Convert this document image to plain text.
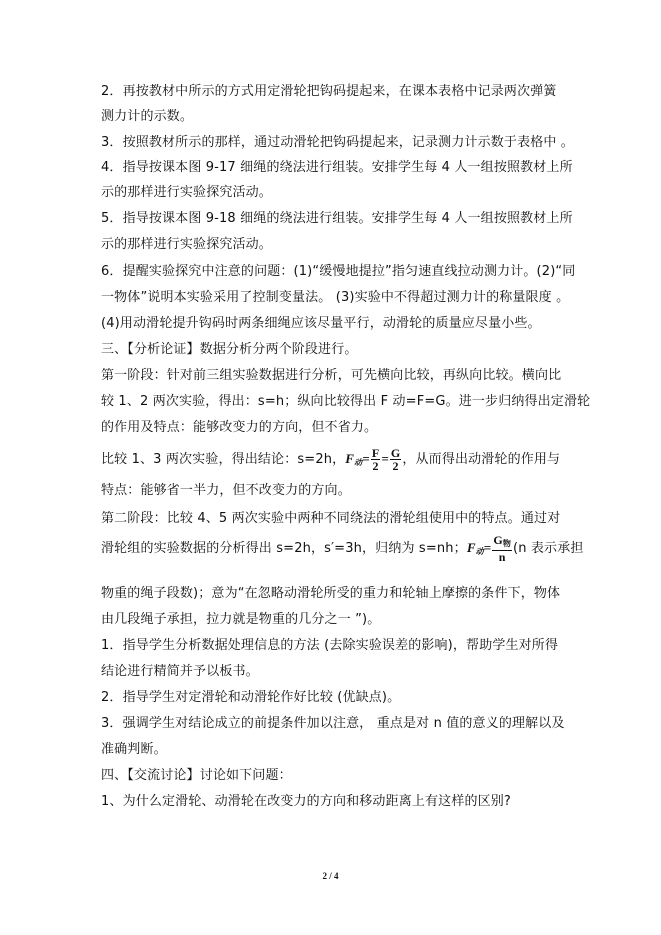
2．再按教材中所示的方式用定滑轮把钩码提起来，在课本表格中记录两次弹簧
测力计的示数。
3．按照教材所示的那样，通过动滑轮把钩码提起来，记录测力计示数于表格中 。
4．指导按课本图 9-17 细绳的绕法进行组装。安排学生每 4 人一组按照教材上所
示的那样进行实验探究活动。
5．指导按课本图 9-18 细绳的绕法进行组装。安排学生每 4 人一组按照教材上所
示的那样进行实验探究活动。
6．提醒实验探究中注意的问题：(1)“缓慢地提拉”指匀速直线拉动测力计。(2)“同
一物体”说明本实验采用了控制变量法。 (3)实验中不得超过测力计的称量限度 。
(4)用动滑轮提升钩码时两条细绳应该尽量平行，动滑轮的质量应尽量小些。
三、【分析论证】数据分析分两个阶段进行。
第一阶段：针对前三组实验数据进行分析，可先横向比较，再纵向比较。横向比
较 1、2 两次实验，得出：s=h；纵向比较得出 F 动=F=G。进一步归纳得出定滑轮
的作用及特点：能够改变力的方向，但不省力。
比较 1、3 两次实验，得出结论：s=2h，$F_动= \frac{F}{2} = \frac{G}{2}$ ，从而得出动滑轮的作用与
特点：能够省一半力，但不改变力的方向。
第二阶段：比较 4、5 两次实验中两种不同绕法的滑轮组使用中的特点。通过对
滑轮组的实验数据的分析得出 s=2h，s′=3h，归纳为 s=nh；$F_动= \frac{G_物}{n} (n$ 表示承担
物重的绳子段数)；意为“在忽略动滑轮所受的重力和轮轴上摩擦的条件下，物体
由几段绳子承担，拉力就是物重的几分之一 ”)。
1．指导学生分析数据处理信息的方法 (去除实验误差的影响)，帮助学生对所得
结论进行精简并予以板书。
2．指导学生对定滑轮和动滑轮作好比较 (优缺点)。
3．强调学生对结论成立的前提条件加以注意， 重点是对 n 值的意义的理解以及
准确判断。
四、【交流讨论】讨论如下问题：
1、为什么定滑轮、动滑轮在改变力的方向和移动距离上有这样的区别?
2 / 4
